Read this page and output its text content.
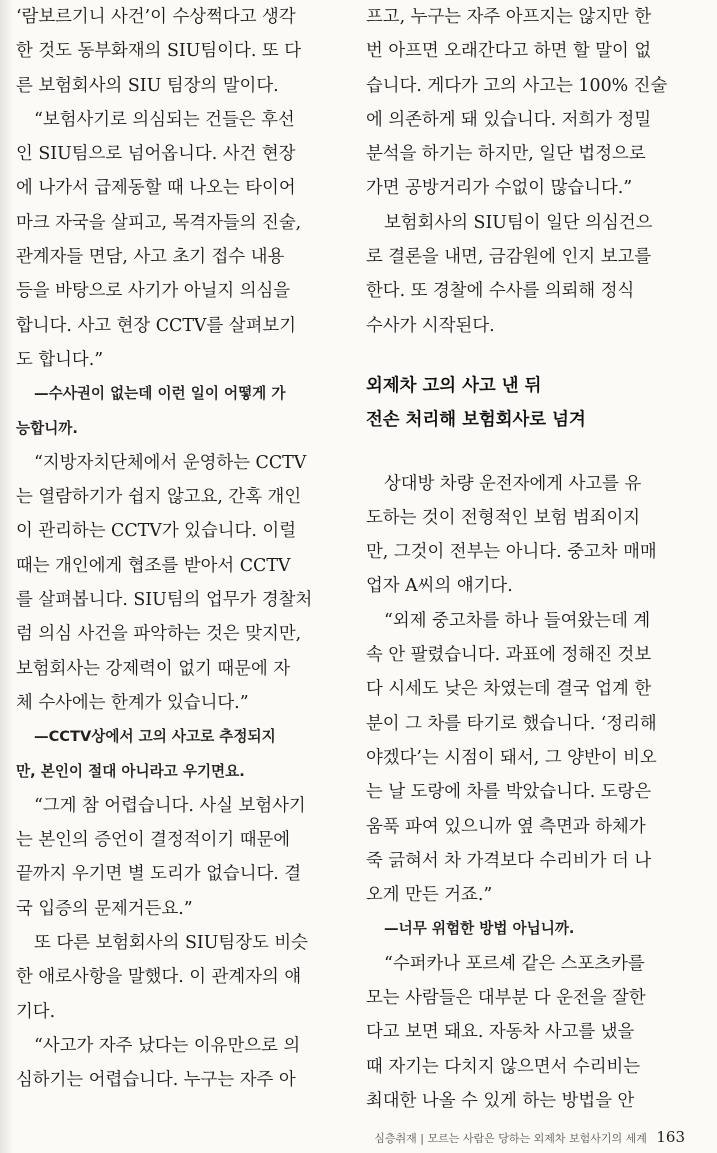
‘람보르기니 사건’이 수상쩍다고 생각

한 것도 동부화재의 SIU팀이다. 또 다

른 보험회사의 SIU 팀장의 말이다.

“보험사기로 의심되는 건들은 후선

인 SIU팀으로 넘어옵니다. 사건 현장

에 나가서 급제동할 때 나오는 타이어

마크 자국을 살피고, 목격자들의 진술,

관계자들 면담, 사고 초기 접수 내용

등을 바탕으로 사기가 아닐지 의심을

합니다. 사고 현장 CCTV를 살펴보기

도 합니다.”

—수사권이 없는데 이런 일이 어떻게 가

능합니까.

“지방자치단체에서 운영하는 CCTV

는 열람하기가 쉽지 않고요, 간혹 개인

이 관리하는 CCTV가 있습니다. 이럴

때는 개인에게 협조를 받아서 CCTV

를 살펴봅니다. SIU팀의 업무가 경찰처

럼 의심 사건을 파악하는 것은 맞지만,

보험회사는 강제력이 없기 때문에 자

체 수사에는 한계가 있습니다.”

—CCTV상에서 고의 사고로 추정되지

만, 본인이 절대 아니라고 우기면요.

“그게 참 어렵습니다. 사실 보험사기

는 본인의 증언이 결정적이기 때문에

끝까지 우기면 별 도리가 없습니다. 결

국 입증의 문제거든요.”

또 다른 보험회사의 SIU팀장도 비슷

한 애로사항을 말했다. 이 관계자의 얘

기다.

“사고가 자주 났다는 이유만으로 의

심하기는 어렵습니다. 누구는 자주 아

프고, 누구는 자주 아프지는 않지만 한

번 아프면 오래간다고 하면 할 말이 없

습니다. 게다가 고의 사고는 100% 진술

에 의존하게 돼 있습니다. 저희가 정밀

분석을 하기는 하지만, 일단 법정으로

가면 공방거리가 수없이 많습니다.”

보험회사의 SIU팀이 일단 의심건으

로 결론을 내면, 금감원에 인지 보고를

한다. 또 경찰에 수사를 의뢰해 정식

수사가 시작된다.

외제차 고의 사고 낸 뒤

전손 처리해 보험회사로 넘겨

상대방 차량 운전자에게 사고를 유

도하는 것이 전형적인 보험 범죄이지

만, 그것이 전부는 아니다. 중고차 매매

업자 A씨의 얘기다.

“외제 중고차를 하나 들여왔는데 계

속 안 팔렸습니다. 과표에 정해진 것보

다 시세도 낮은 차였는데 결국 업계 한

분이 그 차를 타기로 했습니다. ‘정리해

야겠다’는 시점이 돼서, 그 양반이 비오

는 날 도랑에 차를 박았습니다. 도랑은

움푹 파여 있으니까 옆 측면과 하체가

죽 긁혀서 차 가격보다 수리비가 더 나

오게 만든 거죠.”

—너무 위험한 방법 아닙니까.

“수퍼카나 포르셰 같은 스포츠카를

모는 사람들은 대부분 다 운전을 잘한

다고 보면 돼요. 자동차 사고를 냈을

때 자기는 다치지 않으면서 수리비는

최대한 나올 수 있게 하는 방법을 안

심층취재 | 모르는 사람은 당하는 외제차 보험사기의 세계 163
